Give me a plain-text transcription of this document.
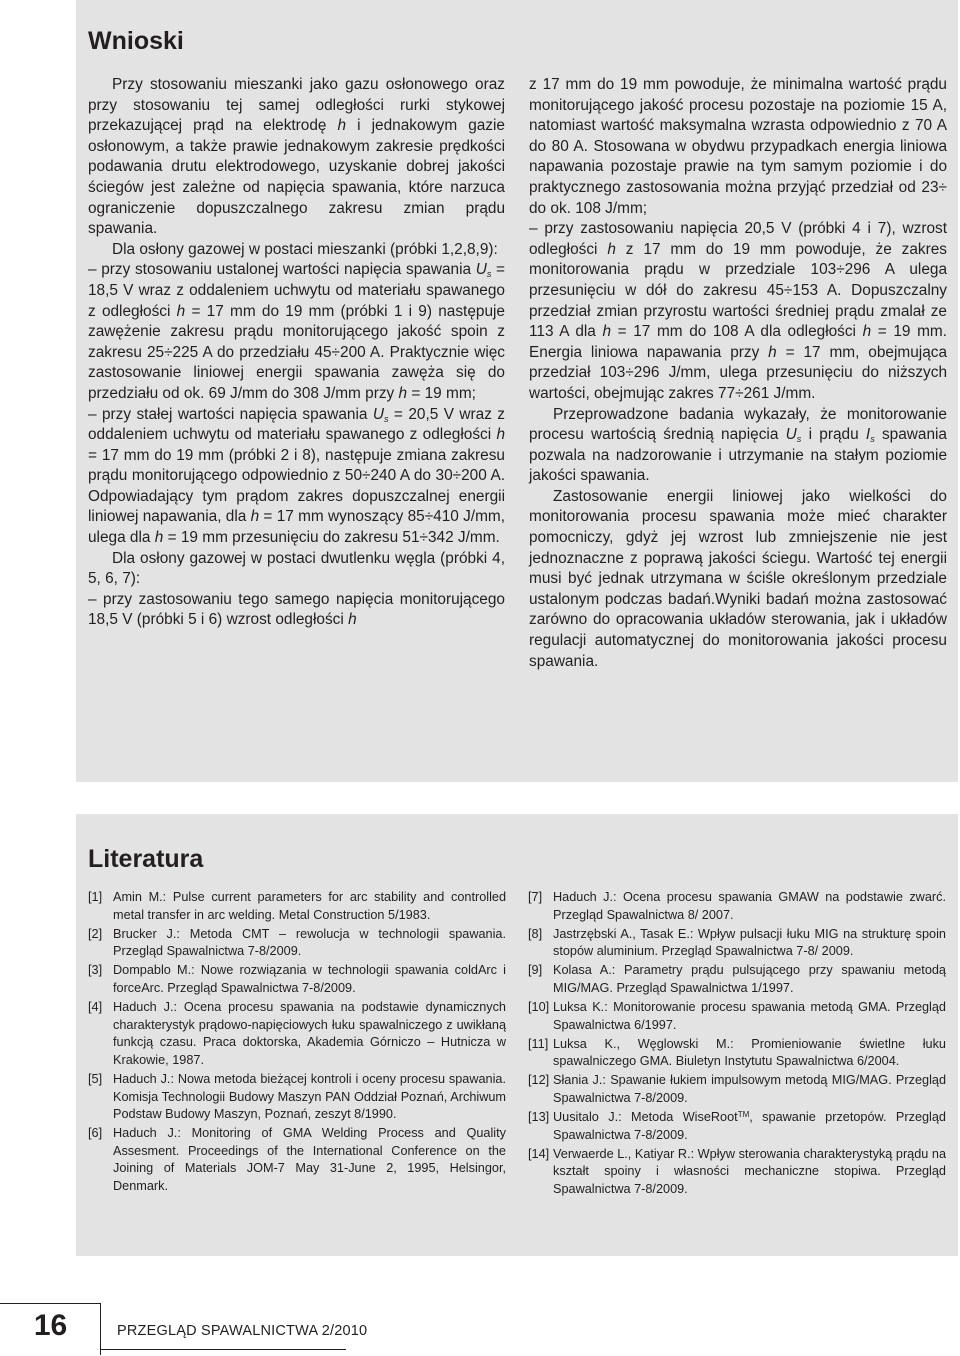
Wnioski

Przy stosowaniu mieszanki jako gazu osłonowego oraz przy stosowaniu tej samej odległości rurki stykowej przekazującej prąd na elektrodę h i jednakowym gazie osłonowym, a także prawie jednakowym zakresie prędkości podawania drutu elektrodowego, uzyskanie dobrej jakości ściegów jest zależne od napięcia spawania, które narzuca ograniczenie dopuszczalnego zakresu zmian prądu spawania.

Dla osłony gazowej w postaci mieszanki (próbki 1,2,8,9):

– przy stosowaniu ustalonej wartości napięcia spawania $U_s = 18,5$ V wraz z oddaleniem uchwytu od materiału spawanego z odległości h = 17 mm do 19 mm (próbki 1 i 9) następuje zawężenie zakresu prądu monitorującego jakość spoin z zakresu 25÷225 A do przedziału 45÷200 A. Praktycznie więc zastosowanie liniowej energii spawania zawęża się do przedziału od ok. 69 J/mm do 308 J/mm przy h = 19 mm;

– przy stałej wartości napięcia spawania $U_s = 20,5$ V wraz z oddaleniem uchwytu od materiału spawanego z odległości h = 17 mm do 19 mm (próbki 2 i 8), następuje zmiana zakresu prądu monitorującego odpowiednio z 50÷240 A do 30÷200 A. Odpowiadający tym prądom zakres dopuszczalnej energii liniowej napawania, dla h = 17 mm wynoszący 85÷410 J/mm, ulega dla h = 19 mm przesunięciu do zakresu 51÷342 J/mm.

Dla osłony gazowej w postaci dwutlenku węgla (próbki 4, 5, 6, 7):

– przy zastosowaniu tego samego napięcia monitorującego 18,5 V (próbki 5 i 6) wzrost odległości h

z 17 mm do 19 mm powoduje, że minimalna wartość prądu monitorującego jakość procesu pozostaje na poziomie 15 A, natomiast wartość maksymalna wzrasta odpowiednio z 70 A do 80 A. Stosowana w obydwu przypadkach energia liniowa napawania pozostaje prawie na tym samym poziomie i do praktycznego zastosowania można przyjąć przedział od 23÷ do ok. 108 J/mm;

– przy zastosowaniu napięcia 20,5 V (próbki 4 i 7), wzrost odległości h z 17 mm do 19 mm powoduje, że zakres monitorowania prądu w przedziale 103÷296 A ulega przesunięciu w dół do zakresu 45÷153 A. Dopuszczalny przedział zmian przyrostu wartości średniej prądu zmalał ze 113 A dla h = 17 mm do 108 A dla odległości h = 19 mm. Energia liniowa napawania przy h = 17 mm, obejmująca przedział 103÷296 J/mm, ulega przesunięciu do niższych wartości, obejmując zakres 77÷261 J/mm.

Przeprowadzone badania wykazały, że monitorowanie procesu wartością średnią napięcia $U_s$ i prądu $I_s$ spawania pozwala na nadzorowanie i utrzymanie na stałym poziomie jakości spawania.

Zastosowanie energii liniowej jako wielkości do monitorowania procesu spawania może mieć charakter pomocniczy, gdyż jej wzrost lub zmniejszenie nie jest jednoznaczne z poprawą jakości ściegu. Wartość tej energii musi być jednak utrzymana w ściśle określonym przedziale ustalonym podczas badań.Wyniki badań można zastosować zarówno do opracowania układów sterowania, jak i układów regulacji automatycznej do monitorowania jakości procesu spawania.

Literatura
[1] Amin M.: Pulse current parameters for arc stability and controlled metal transfer in arc welding. Metal Construction 5/1983.
[2] Brucker J.: Metoda CMT – rewolucja w technologii spawania. Przegląd Spawalnictwa 7-8/2009.
[3] Dompablo M.: Nowe rozwiązania w technologii spawania coldArc i forceArc. Przegląd Spawalnictwa 7-8/2009.
[4] Haduch J.: Ocena procesu spawania na podstawie dynamicznych charakterystyk prądowo-napięciowych łuku spawalniczego z uwikłaną funkcją czasu. Praca doktorska, Akademia Górniczo – Hutnicza w Krakowie, 1987.
[5] Haduch J.: Nowa metoda bieżącej kontroli i oceny procesu spawania. Komisja Technologii Budowy Maszyn PAN Oddział Poznań, Archiwum Podstaw Budowy Maszyn, Poznań, zeszyt 8/1990.
[6] Haduch J.: Monitoring of GMA Welding Process and Quality Assesment. Proceedings of the International Conference on the Joining of Materials JOM-7 May 31-June 2, 1995, Helsingor, Denmark.
[7] Haduch J.: Ocena procesu spawania GMAW na podstawie zwarć. Przegląd Spawalnictwa 8/ 2007.
[8] Jastrzębski A., Tasak E.: Wpływ pulsacji łuku MIG na strukturę spoin stopów aluminium. Przegląd Spawalnictwa 7-8/ 2009.
[9] Kolasa A.: Parametry prądu pulsującego przy spawaniu metodą MIG/MAG. Przegląd Spawalnictwa 1/1997.
[10] Luksa K.: Monitorowanie procesu spawania metodą GMA. Przegląd Spawalnictwa 6/1997.
[11] Luksa K., Węglowski M.: Promieniowanie świetlne łuku spawalniczego GMA. Biuletyn Instytutu Spawalnictwa 6/2004.
[12] Słania J.: Spawanie łukiem impulsowym metodą MIG/MAG. Przegląd Spawalnictwa 7-8/2009.
[13] Uusitalo J.: Metoda WiseRoot™, spawanie przetopów. Przegląd Spawalnictwa 7-8/2009.
[14] Verwaerde L., Katiyar R.: Wpływ sterowania charakterystyką prądu na kształt spoiny i własności mechaniczne stopiwa. Przegląd Spawalnictwa 7-8/2009.
16	PRZEGLĄD SPAWALNICTWA 2/2010
